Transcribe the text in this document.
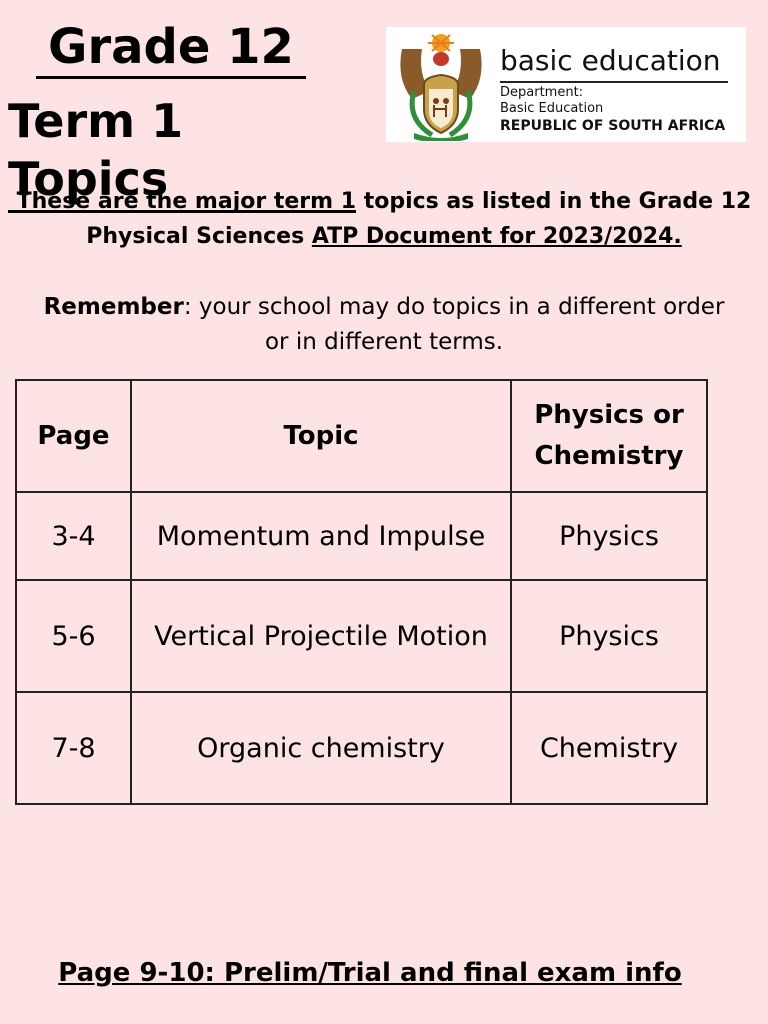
Grade 12
Term 1 Topics
basic education
Department:
Basic Education
REPUBLIC OF SOUTH AFRICA
These are the major term 1 topics as listed in the Grade 12
Physical Sciences ATP Document for 2023/2024.
Remember: your school may do topics in a different order
or in different terms.
Page	Topic	Physics or Chemistry
3-4	Momentum and Impulse	Physics
5-6	Vertical Projectile Motion	Physics
7-8	Organic chemistry	Chemistry
Page 9-10: Prelim/Trial and final exam info
